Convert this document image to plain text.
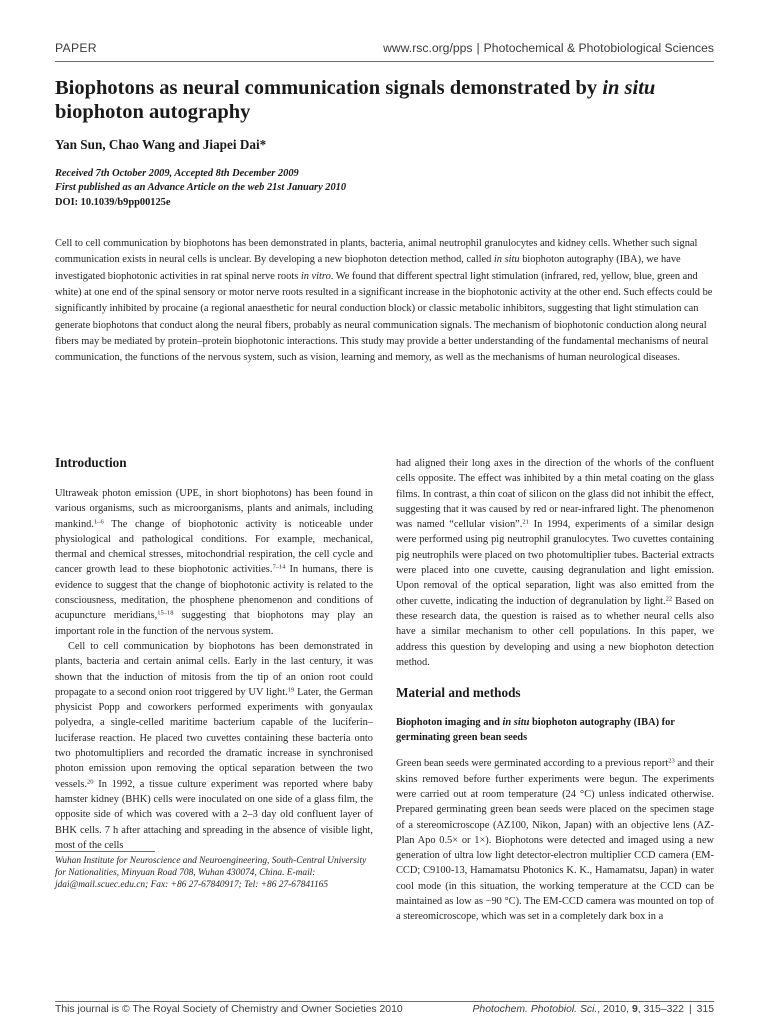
PAPER	www.rsc.org/pps | Photochemical & Photobiological Sciences
Biophotons as neural communication signals demonstrated by in situ biophoton autography
Yan Sun, Chao Wang and Jiapei Dai*
Received 7th October 2009, Accepted 8th December 2009
First published as an Advance Article on the web 21st January 2010
DOI: 10.1039/b9pp00125e

Cell to cell communication by biophotons has been demonstrated in plants, bacteria, animal neutrophil granulocytes and kidney cells. Whether such signal communication exists in neural cells is unclear. By developing a new biophoton detection method, called in situ biophoton autography (IBA), we have investigated biophotonic activities in rat spinal nerve roots in vitro. We found that different spectral light stimulation (infrared, red, yellow, blue, green and white) at one end of the spinal sensory or motor nerve roots resulted in a significant increase in the biophotonic activity at the other end. Such effects could be significantly inhibited by procaine (a regional anaesthetic for neural conduction block) or classic metabolic inhibitors, suggesting that light stimulation can generate biophotons that conduct along the neural fibers, probably as neural communication signals. The mechanism of biophotonic conduction along neural fibers may be mediated by protein–protein biophotonic interactions. This study may provide a better understanding of the fundamental mechanisms of neural communication, the functions of the nervous system, such as vision, learning and memory, as well as the mechanisms of human neurological diseases.

Introduction

Ultraweak photon emission (UPE, in short biophotons) has been found in various organisms, such as microorganisms, plants and animals, including mankind.$^{1-6}$ The change of biophotonic activity is noticeable under physiological and pathological conditions. For example, mechanical, thermal and chemical stresses, mitochondrial respiration, the cell cycle and cancer growth lead to these biophotonic activities.$^{7-14}$ In humans, there is evidence to suggest that the change of biophotonic activity is related to the consciousness, meditation, the phosphene phenomenon and conditions of acupuncture meridians,$^{15-18}$ suggesting that biophotons may play an important role in the function of the nervous system.

Cell to cell communication by biophotons has been demonstrated in plants, bacteria and certain animal cells. Early in the last century, it was shown that the induction of mitosis from the tip of an onion root could propagate to a second onion root triggered by UV light.$^{19}$ Later, the German physicist Popp and coworkers performed experiments with gonyaulax polyedra, a single-celled maritime bacterium capable of the luciferin–luciferase reaction. He placed two cuvettes containing these bacteria onto two photomultipliers and recorded the dramatic increase in synchronised photon emission upon removing the optical separation between the two vessels.$^{20}$ In 1992, a tissue culture experiment was reported where baby hamster kidney (BHK) cells were inoculated on one side of a glass film, the opposite side of which was covered with a 2–3 day old confluent layer of BHK cells. 7 h after attaching and spreading in the absence of visible light, most of the cells

had aligned their long axes in the direction of the whorls of the confluent cells opposite. The effect was inhibited by a thin metal coating on the glass films. In contrast, a thin coat of silicon on the glass did not inhibit the effect, suggesting that it was caused by red or near-infrared light. The phenomenon was named “cellular vision”.$^{21}$ In 1994, experiments of a similar design were performed using pig neutrophil granulocytes. Two cuvettes containing pig neutrophils were placed on two photomultiplier tubes. Bacterial extracts were placed into one cuvette, causing degranulation and light emission. Upon removal of the optical separation, light was also emitted from the other cuvette, indicating the induction of degranulation by light.$^{22}$ Based on these research data, the question is raised as to whether neural cells also have a similar mechanism to other cell populations. In this paper, we address this question by developing and using a new biophoton detection method.

Material and methods
Biophoton imaging and in situ biophoton autography (IBA) for germinating green bean seeds

Green bean seeds were germinated according to a previous report$^{23}$ and their skins removed before further experiments were begun. The experiments were carried out at room temperature (24 °C) unless indicated otherwise. Prepared germinating green bean seeds were placed on the specimen stage of a stereomicroscope (AZ100, Nikon, Japan) with an objective lens (AZ-Plan Apo 0.5× or 1×). Biophotons were detected and imaged using a new generation of ultra low light detector-electron multiplier CCD camera (EM-CCD; C9100-13, Hamamatsu Photonics K. K., Hamamatsu, Japan) in water cool mode (in this situation, the working temperature at the CCD can be maintained as low as −90 °C). The EM-CCD camera was mounted on top of a stereomicroscope, which was set in a completely dark box in a

Wuhan Institute for Neuroscience and Neuroengineering, South-Central University for Nationalities, Minyuan Road 708, Wuhan 430074, China. E-mail: jdai@mail.scuec.edu.cn; Fax: +86 27-67840917; Tel: +86 27-67841165
This journal is © The Royal Society of Chemistry and Owner Societies 2010	Photochem. Photobiol. Sci., 2010, 9, 315–322 | 315
